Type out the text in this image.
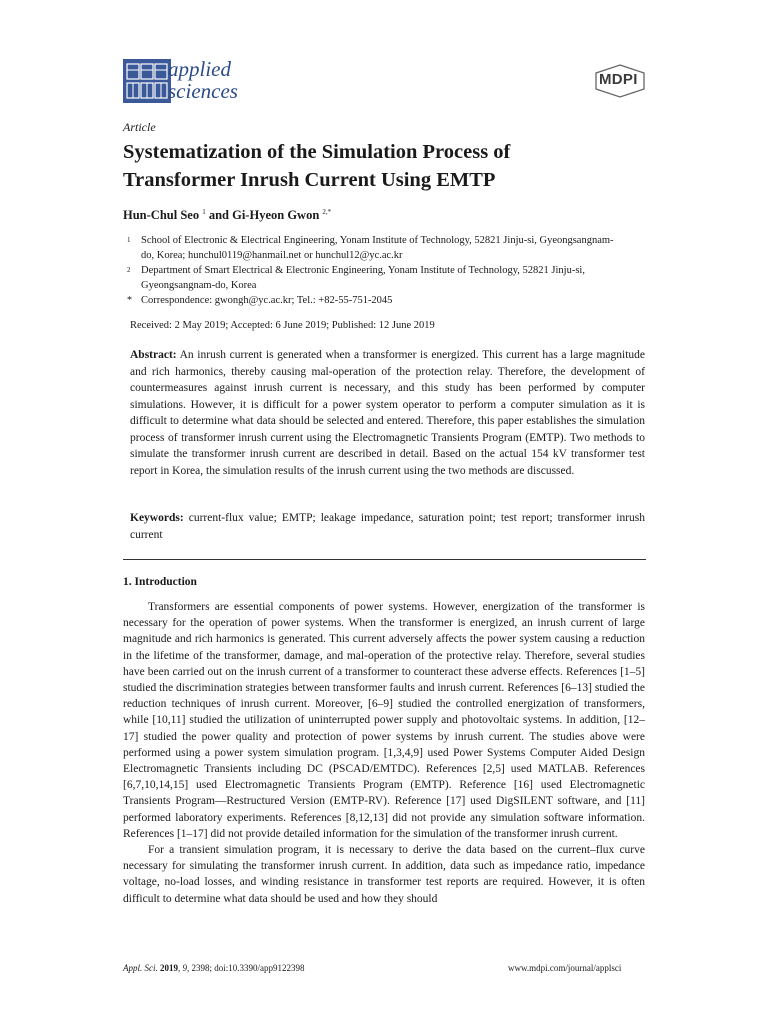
applied
sciences	MDPI
Article
Systematization of the Simulation Process of Transformer Inrush Current Using EMTP
Hun-Chul Seo $^1$ and Gi-Hyeon Gwon $^{2,*}$
1 School of Electronic & Electrical Engineering, Yonam Institute of Technology, 52821 Jinju-si, Gyeongsangnam-do, Korea; hunchul0119@hanmail.net or hunchul12@yc.ac.kr
2 Department of Smart Electrical & Electronic Engineering, Yonam Institute of Technology, 52821 Jinju-si, Gyeongsangnam-do, Korea
* Correspondence: gwongh@yc.ac.kr; Tel.: +82-55-751-2045
Received: 2 May 2019; Accepted: 6 June 2019; Published: 12 June 2019
Abstract: An inrush current is generated when a transformer is energized. This current has a large magnitude and rich harmonics, thereby causing mal-operation of the protection relay. Therefore, the development of countermeasures against inrush current is necessary, and this study has been performed by computer simulations. However, it is difficult for a power system operator to perform a computer simulation as it is difficult to determine what data should be selected and entered. Therefore, this paper establishes the simulation process of transformer inrush current using the Electromagnetic Transients Program (EMTP). Two methods to simulate the transformer inrush current are described in detail. Based on the actual 154 kV transformer test report in Korea, the simulation results of the inrush current using the two methods are discussed.
Keywords: current-flux value; EMTP; leakage impedance, saturation point; test report; transformer inrush current
1. Introduction

Transformers are essential components of power systems. However, energization of the transformer is necessary for the operation of power systems. When the transformer is energized, an inrush current of large magnitude and rich harmonics is generated. This current adversely affects the power system causing a reduction in the lifetime of the transformer, damage, and mal-operation of the protective relay. Therefore, several studies have been carried out on the inrush current of a transformer to counteract these adverse effects. References [1–5] studied the discrimination strategies between transformer faults and inrush current. References [6–13] studied the reduction techniques of inrush current. Moreover, [6–9] studied the controlled energization of transformers, while [10,11] studied the utilization of uninterrupted power supply and photovoltaic systems. In addition, [12–17] studied the power quality and protection of power systems by inrush current. The studies above were performed using a power system simulation program. [1,3,4,9] used Power Systems Computer Aided Design Electromagnetic Transients including DC (PSCAD/EMTDC). References [2,5] used MATLAB. References [6,7,10,14,15] used Electromagnetic Transients Program (EMTP). Reference [16] used Electromagnetic Transients Program—Restructured Version (EMTP-RV). Reference [17] used DigSILENT software, and [11] performed laboratory experiments. References [8,12,13] did not provide any simulation software information. References [1–17] did not provide detailed information for the simulation of the transformer inrush current.

For a transient simulation program, it is necessary to derive the data based on the current–flux curve necessary for simulating the transformer inrush current. In addition, data such as impedance ratio, impedance voltage, no-load losses, and winding resistance in transformer test reports are required. However, it is often difficult to determine what data should be used and how they should

Appl. Sci. 2019, 9, 2398; doi:10.3390/app9122398	www.mdpi.com/journal/applsci
